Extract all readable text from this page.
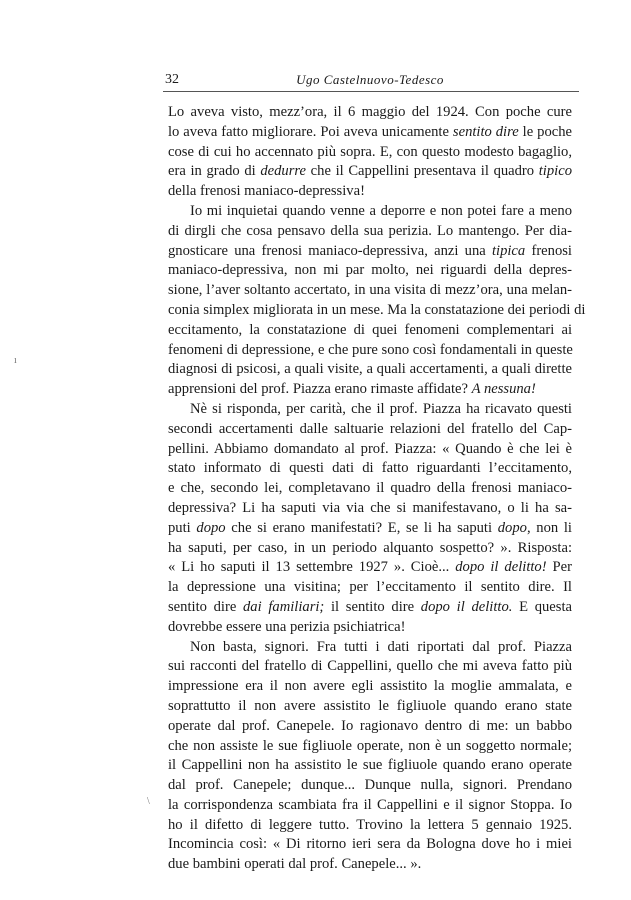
32	Ugo Castelnuovo-Tedesco
Lo aveva visto, mezz’ora, il 6 maggio del 1924. Con poche cure
lo aveva fatto migliorare. Poi aveva unicamente sentito dire le poche
cose di cui ho accennato più sopra. E, con questo modesto bagaglio,
era in grado di dedurre che il Cappellini presentava il quadro tipico
della frenosi maniaco-depressiva!
Io mi inquietai quando venne a deporre e non potei fare a meno
di dirgli che cosa pensavo della sua perizia. Lo mantengo. Per dia-
gnosticare una frenosi maniaco-depressiva, anzi una tipica frenosi
maniaco-depressiva, non mi par molto, nei riguardi della depres-
sione, l’aver soltanto accertato, in una visita di mezz’ora, una melan-
conia simplex migliorata in un mese. Ma la constatazione dei periodi di
eccitamento, la constatazione di quei fenomeni complementari ai
fenomeni di depressione, e che pure sono così fondamentali in queste
diagnosi di psicosi, a quali visite, a quali accertamenti, a quali dirette
apprensioni del prof. Piazza erano rimaste affidate? A nessuna!
Nè si risponda, per carità, che il prof. Piazza ha ricavato questi
secondi accertamenti dalle saltuarie relazioni del fratello del Cap-
pellini. Abbiamo domandato al prof. Piazza: « Quando è che lei è
stato informato di questi dati di fatto riguardanti l’eccitamento,
e che, secondo lei, completavano il quadro della frenosi maniaco-
depressiva? Li ha saputi via via che si manifestavano, o li ha sa-
puti dopo che si erano manifestati? E, se li ha saputi dopo, non li
ha saputi, per caso, in un periodo alquanto sospetto? ». Risposta:
« Li ho saputi il 13 settembre 1927 ». Cioè... dopo il delitto! Per
la depressione una visitina; per l’eccitamento il sentito dire. Il
sentito dire dai familiari; il sentito dire dopo il delitto. E questa
dovrebbe essere una perizia psichiatrica!
Non basta, signori. Fra tutti i dati riportati dal prof. Piazza
sui racconti del fratello di Cappellini, quello che mi aveva fatto più
impressione era il non avere egli assistito la moglie ammalata, e
soprattutto il non avere assistito le figliuole quando erano state
operate dal prof. Canepele. Io ragionavo dentro di me: un babbo
che non assiste le sue figliuole operate, non è un soggetto normale;
il Cappellini non ha assistito le sue figliuole quando erano operate
dal prof. Canepele; dunque... Dunque nulla, signori. Prendano
la corrispondenza scambiata fra il Cappellini e il signor Stoppa. Io
ho il difetto di leggere tutto. Trovino la lettera 5 gennaio 1925.
Incomincia così: « Di ritorno ieri sera da Bologna dove ho i miei
due bambini operati dal prof. Canepele... ».
ı
\
